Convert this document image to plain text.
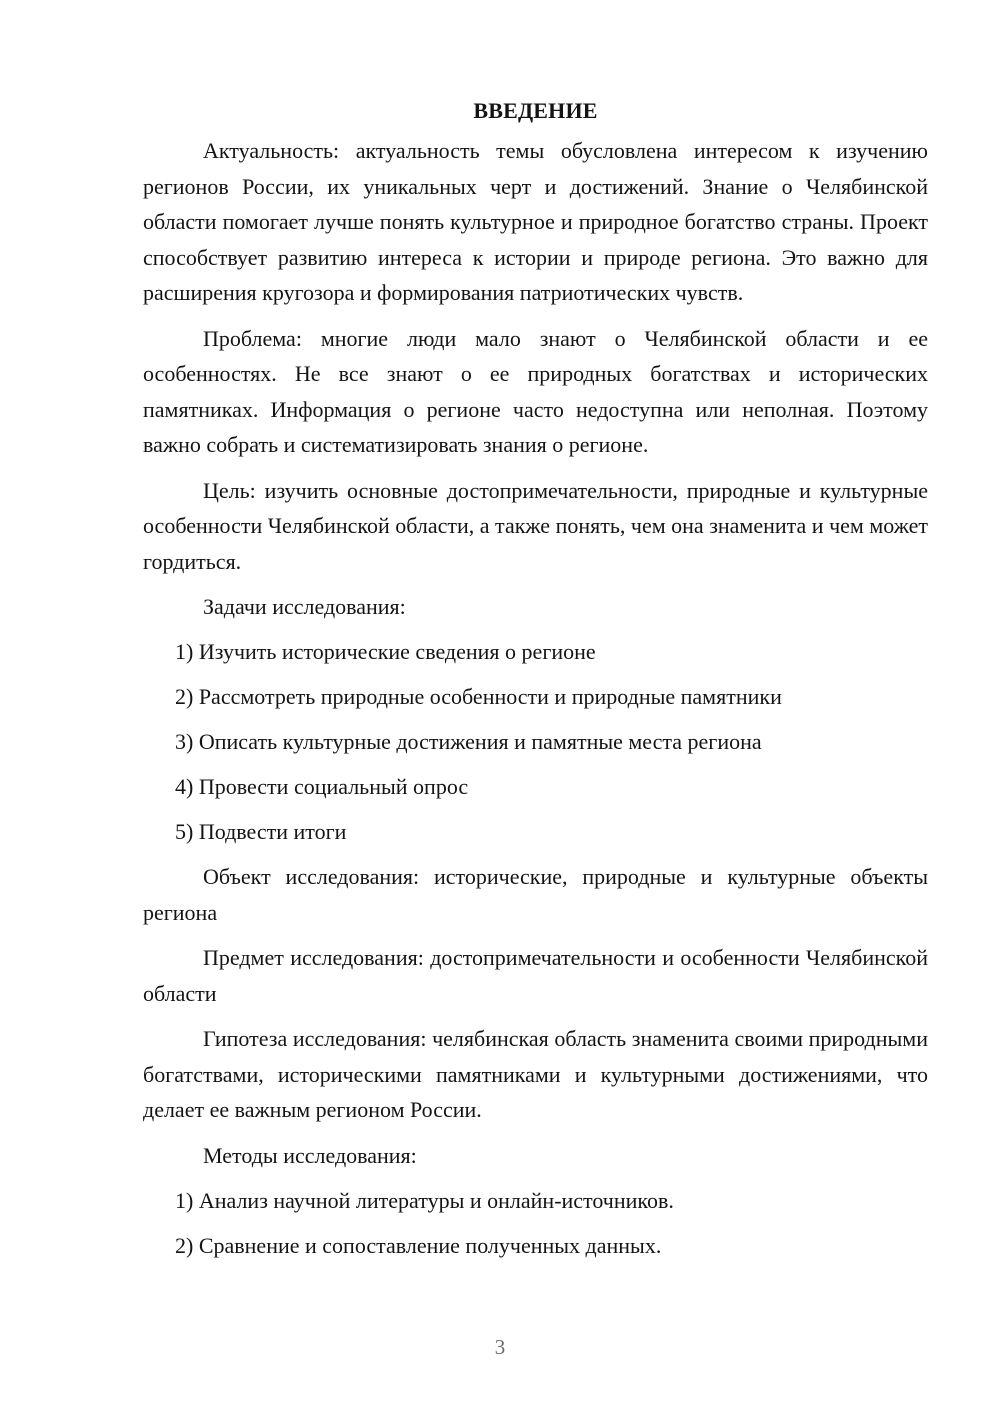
ВВЕДЕНИЕ

Актуальность: актуальность темы обусловлена интересом к изучению регионов России, их уникальных черт и достижений. Знание о Челябинской области помогает лучше понять культурное и природное богатство страны. Проект способствует развитию интереса к истории и природе региона. Это важно для расширения кругозора и формирования патриотических чувств.

Проблема: многие люди мало знают о Челябинской области и ее особенностях. Не все знают о ее природных богатствах и исторических памятниках. Информация о регионе часто недоступна или неполная. Поэтому важно собрать и систематизировать знания о регионе.

Цель: изучить основные достопримечательности, природные и культурные особенности Челябинской области, а также понять, чем она знаменита и чем может гордиться.

Задачи исследования:
1) Изучить исторические сведения о регионе
2) Рассмотреть природные особенности и природные памятники
3) Описать культурные достижения и памятные места региона
4) Провести социальный опрос
5) Подвести итоги

Объект исследования: исторические, природные и культурные объекты региона

Предмет исследования: достопримечательности и особенности Челябинской области

Гипотеза исследования: челябинская область знаменита своими природными богатствами, историческими памятниками и культурными достижениями, что делает ее важным регионом России.

Методы исследования:
1) Анализ научной литературы и онлайн-источников.
2) Сравнение и сопоставление полученных данных.
3
